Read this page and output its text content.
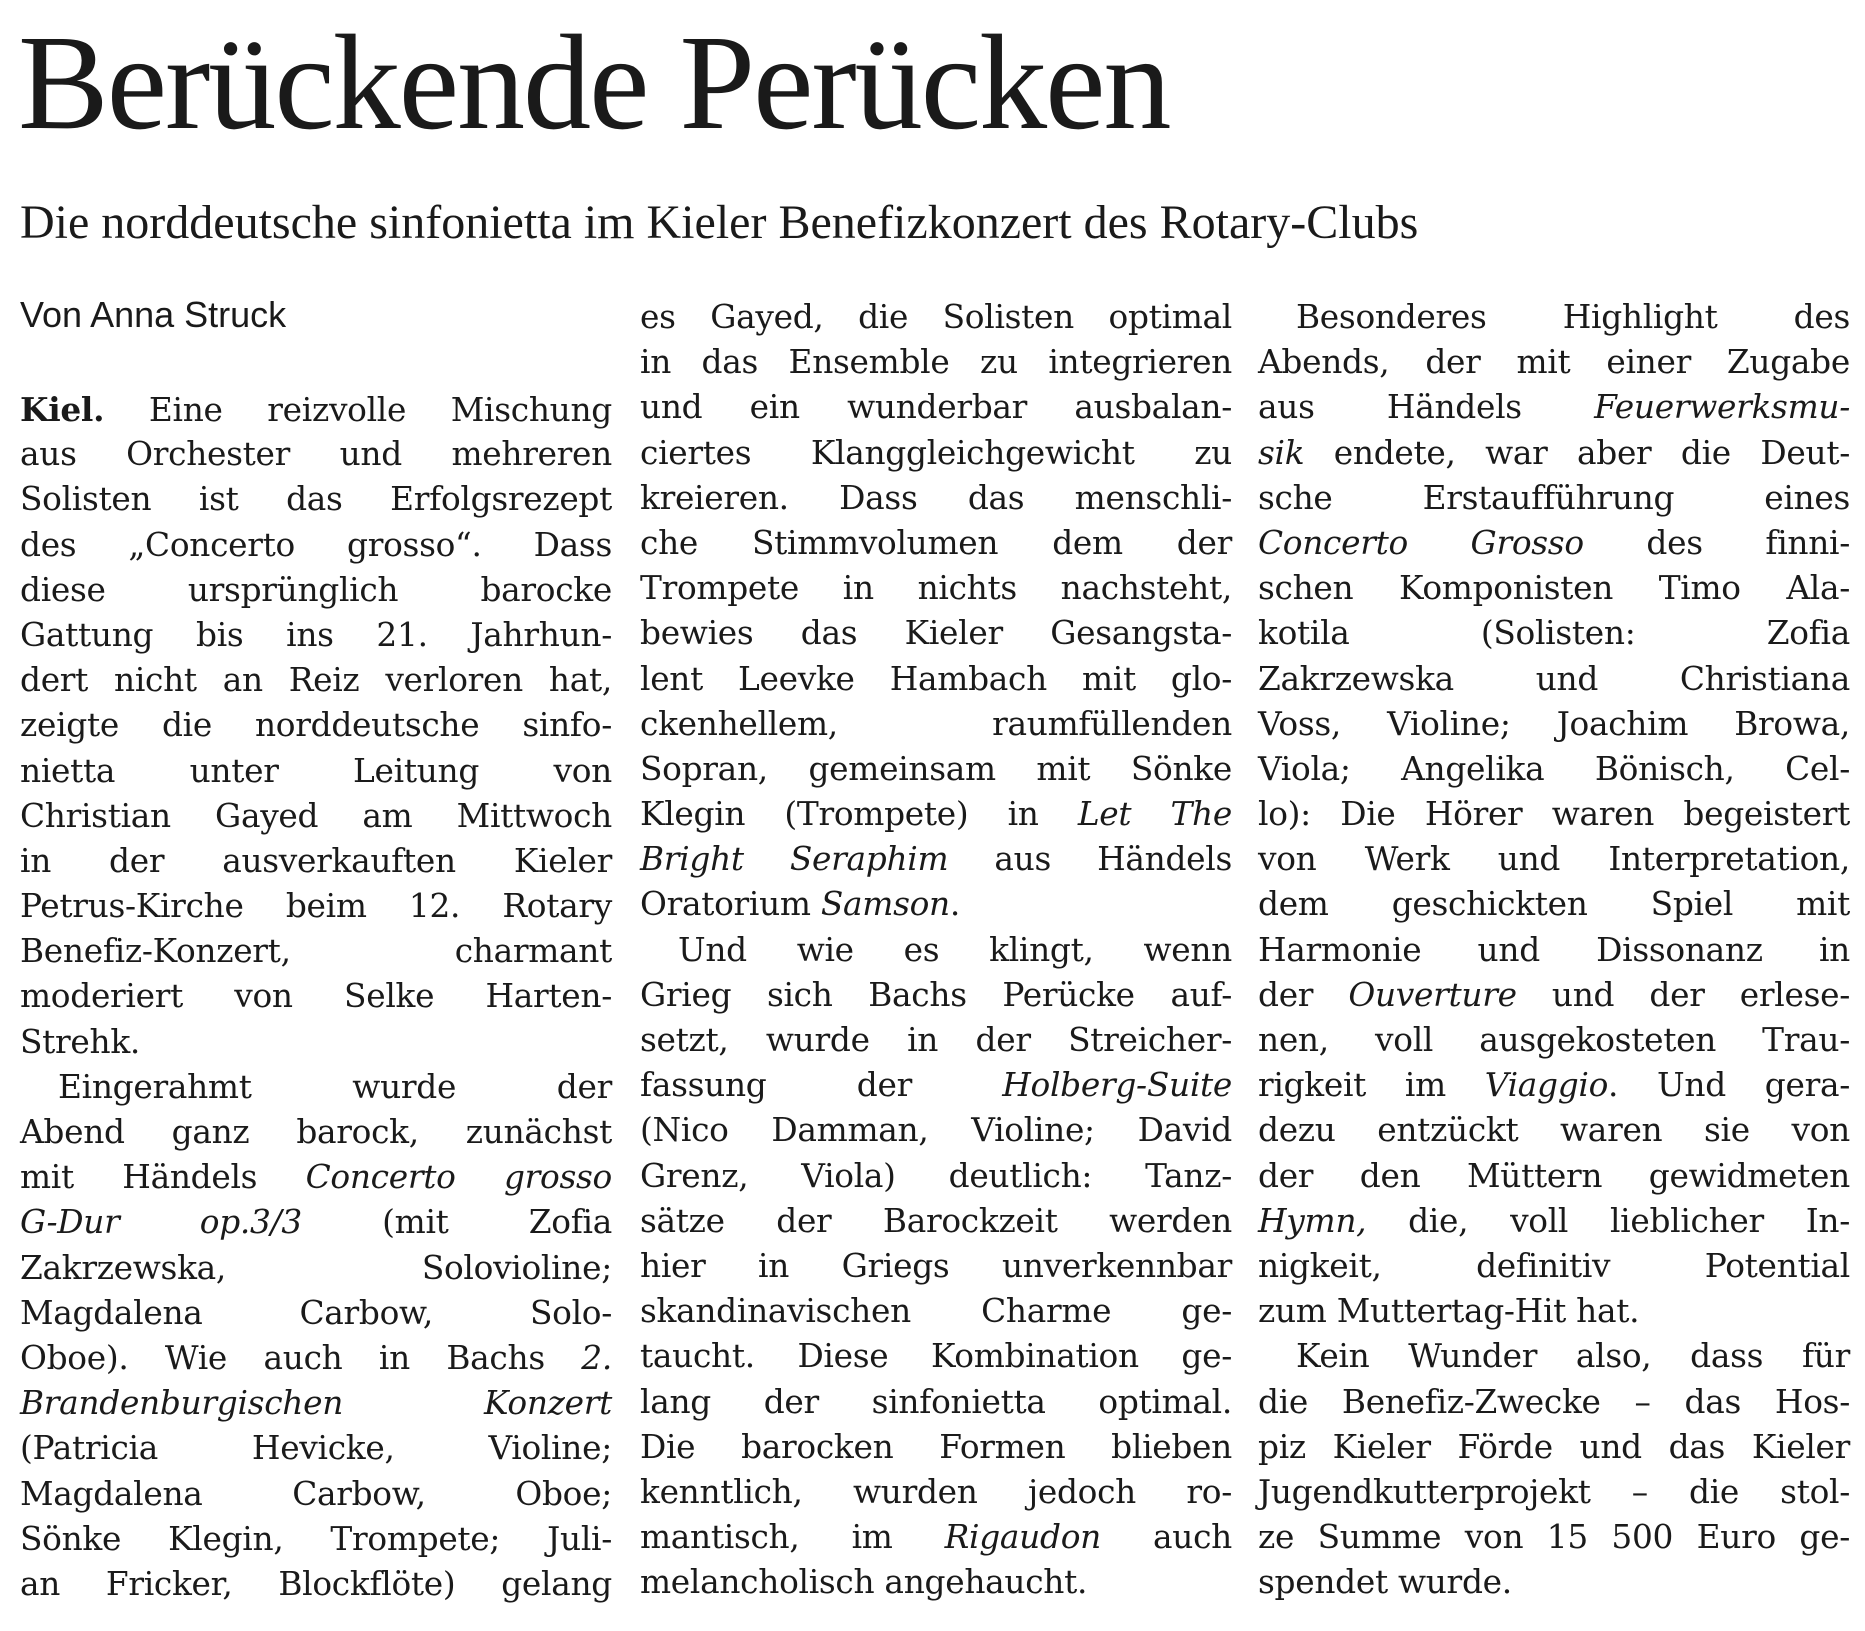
Berückende Perücken
Die norddeutsche sinfonietta im Kieler Benefizkonzert des Rotary-Clubs
Von Anna Struck
Kiel. Eine reizvolle Mischung
aus Orchester und mehreren
Solisten ist das Erfolgsrezept
des „Concerto grosso“. Dass
diese ursprünglich barocke
Gattung bis ins 21. Jahrhun-
dert nicht an Reiz verloren hat,
zeigte die norddeutsche sinfo-
nietta unter Leitung von
Christian Gayed am Mittwoch
in der ausverkauften Kieler
Petrus-Kirche beim 12. Rotary
Benefiz-Konzert, charmant
moderiert von Selke Harten-
Strehk.
Eingerahmt wurde der
Abend ganz barock, zunächst
mit Händels Concerto grosso
G-Dur op.3/3 (mit Zofia
Zakrzewska, Solovioline;
Magdalena Carbow, Solo-
Oboe). Wie auch in Bachs 2.
Brandenburgischen Konzert
(Patricia Hevicke, Violine;
Magdalena Carbow, Oboe;
Sönke Klegin, Trompete; Juli-
an Fricker, Blockflöte) gelang
es Gayed, die Solisten optimal
in das Ensemble zu integrieren
und ein wunderbar ausbalan-
ciertes Klanggleichgewicht zu
kreieren. Dass das menschli-
che Stimmvolumen dem der
Trompete in nichts nachsteht,
bewies das Kieler Gesangsta-
lent Leevke Hambach mit glo-
ckenhellem, raumfüllenden
Sopran, gemeinsam mit Sönke
Klegin (Trompete) in Let The
Bright Seraphim aus Händels
Oratorium Samson.
Und wie es klingt, wenn
Grieg sich Bachs Perücke auf-
setzt, wurde in der Streicher-
fassung der Holberg-Suite
(Nico Damman, Violine; David
Grenz, Viola) deutlich: Tanz-
sätze der Barockzeit werden
hier in Griegs unverkennbar
skandinavischen Charme ge-
taucht. Diese Kombination ge-
lang der sinfonietta optimal.
Die barocken Formen blieben
kenntlich, wurden jedoch ro-
mantisch, im Rigaudon auch
melancholisch angehaucht.
Besonderes Highlight des
Abends, der mit einer Zugabe
aus Händels Feuerwerksmu-
sik endete, war aber die Deut-
sche Erstaufführung eines
Concerto Grosso des finni-
schen Komponisten Timo Ala-
kotila (Solisten: Zofia
Zakrzewska und Christiana
Voss, Violine; Joachim Browa,
Viola; Angelika Bönisch, Cel-
lo): Die Hörer waren begeistert
von Werk und Interpretation,
dem geschickten Spiel mit
Harmonie und Dissonanz in
der Ouverture und der erlese-
nen, voll ausgekosteten Trau-
rigkeit im Viaggio. Und gera-
dezu entzückt waren sie von
der den Müttern gewidmeten
Hymn, die, voll lieblicher In-
nigkeit, definitiv Potential
zum Muttertag-Hit hat.
Kein Wunder also, dass für
die Benefiz-Zwecke – das Hos-
piz Kieler Förde und das Kieler
Jugendkutterprojekt – die stol-
ze Summe von 15 500 Euro ge-
spendet wurde.
